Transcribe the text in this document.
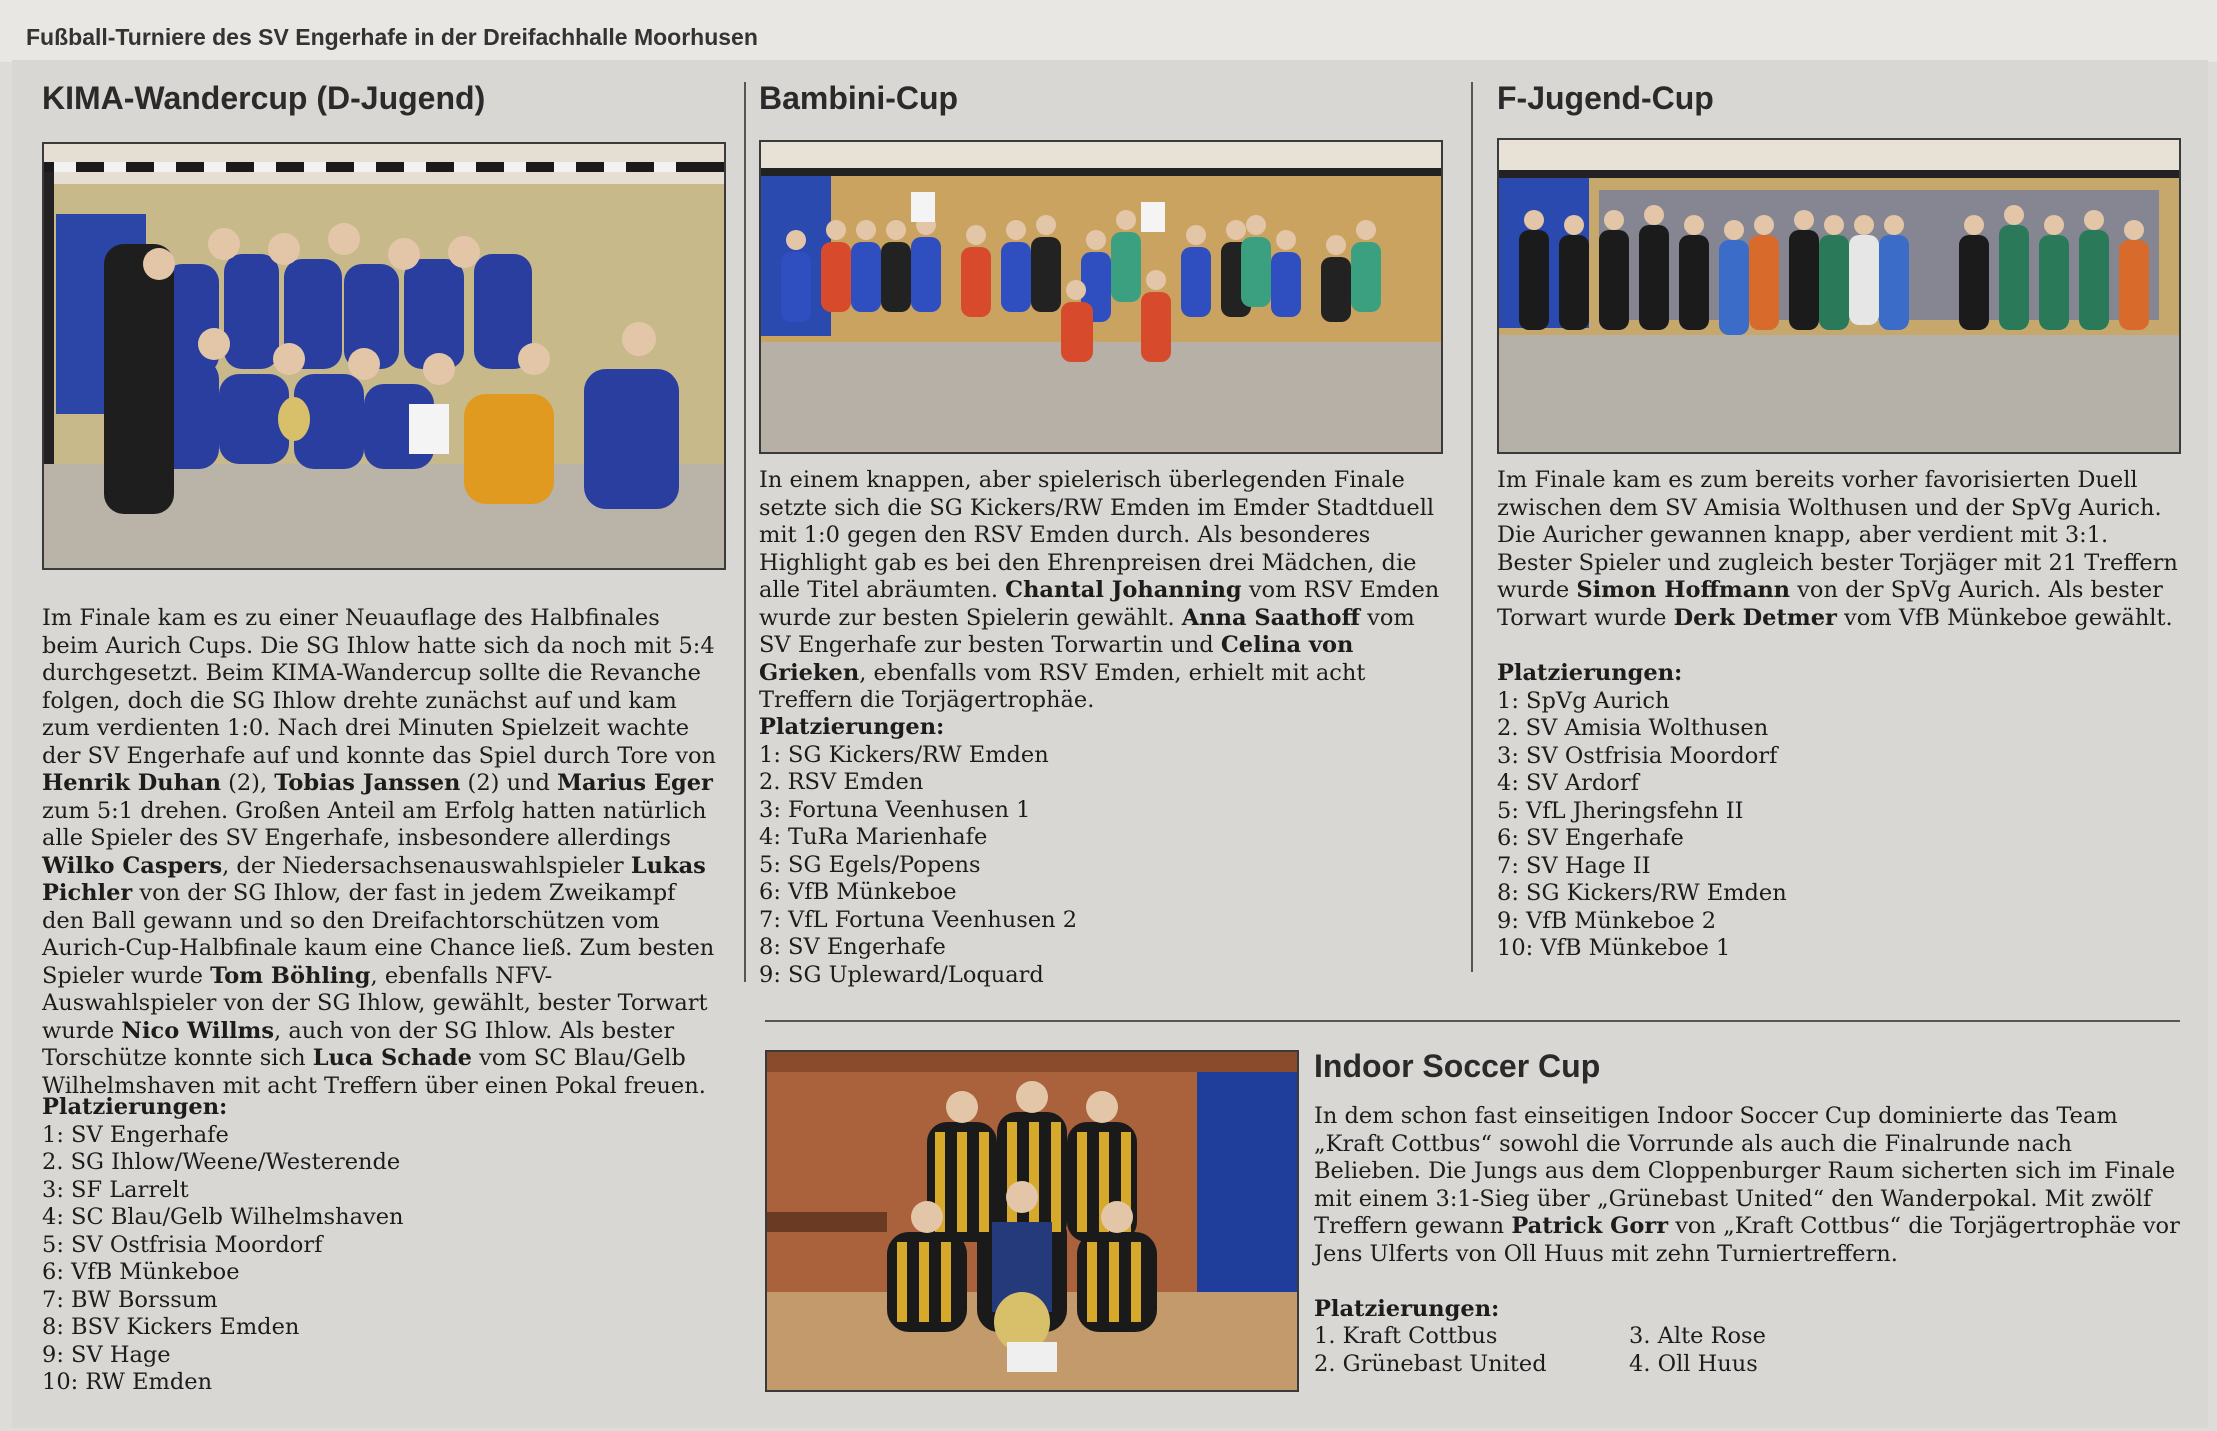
Fußball-Turniere des SV Engerhafe in der Dreifachhalle Moorhusen
KIMA-Wandercup (D-Jugend)

Im Finale kam es zu einer Neuauflage des Halbfinales beim Aurich Cups. Die SG Ihlow hatte sich da noch mit 5:4 durchgesetzt. Beim KIMA-Wandercup sollte die Revanche folgen, doch die SG Ihlow drehte zunächst auf und kam zum verdienten 1:0. Nach drei Minuten Spielzeit wachte der SV Engerhafe auf und konnte das Spiel durch Tore von Henrik Duhan (2), Tobias Janssen (2) und Marius Eger zum 5:1 drehen. Großen Anteil am Erfolg hatten natürlich alle Spieler des SV Engerhafe, insbesondere allerdings Wilko Caspers, der Niedersachsenauswahlspieler Lukas Pichler von der SG Ihlow, der fast in jedem Zweikampf den Ball gewann und so den Dreifachtorschützen vom Aurich-Cup-Halbfinale kaum eine Chance ließ. Zum besten Spieler wurde Tom Böhling, ebenfalls NFV-Auswahlspieler von der SG Ihlow, gewählt, bester Torwart wurde Nico Willms, auch von der SG Ihlow. Als bester Torschütze konnte sich Luca Schade vom SC Blau/Gelb Wilhelmshaven mit acht Treffern über einen Pokal freuen.

Platzierungen:

1: SV Engerhafe
2. SG Ihlow/Weene/Westerende
3: SF Larrelt
4: SC Blau/Gelb Wilhelmshaven
5: SV Ostfrisia Moordorf
6: VfB Münkeboe
7: BW Borssum
8: BSV Kickers Emden
9: SV Hage
10: RW Emden
Bambini-Cup

In einem knappen, aber spielerisch überlegenden Finale setzte sich die SG Kickers/RW Emden im Emder Stadtduell mit 1:0 gegen den RSV Emden durch. Als besonderes Highlight gab es bei den Ehrenpreisen drei Mädchen, die alle Titel abräumten. Chantal Johanning vom RSV Emden wurde zur besten Spielerin gewählt. Anna Saathoff vom SV Engerhafe zur besten Torwartin und Celina von Grieken, ebenfalls vom RSV Emden, erhielt mit acht Treffern die Torjägertrophäe.

Platzierungen:

1: SG Kickers/RW Emden
2. RSV Emden
3: Fortuna Veenhusen 1
4: TuRa Marienhafe
5: SG Egels/Popens
6: VfB Münkeboe
7: VfL Fortuna Veenhusen 2
8: SV Engerhafe
9: SG Upleward/Loquard
F-Jugend-Cup

Im Finale kam es zum bereits vorher favorisierten Duell zwischen dem SV Amisia Wolthusen und der SpVg Aurich. Die Auricher gewannen knapp, aber verdient mit 3:1. Bester Spieler und zugleich bester Torjäger mit 21 Treffern wurde Simon Hoffmann von der SpVg Aurich. Als bester Torwart wurde Derk Detmer vom VfB Münkeboe gewählt.

Platzierungen:

1: SpVg Aurich
2. SV Amisia Wolthusen
3: SV Ostfrisia Moordorf
4: SV Ardorf
5: VfL Jheringsfehn II
6: SV Engerhafe
7: SV Hage II
8: SG Kickers/RW Emden
9: VfB Münkeboe 2
10: VfB Münkeboe 1
Indoor Soccer Cup

In dem schon fast einseitigen Indoor Soccer Cup dominierte das Team „Kraft Cottbus“ sowohl die Vorrunde als auch die Finalrunde nach Belieben. Die Jungs aus dem Cloppenburger Raum sicherten sich im Finale mit einem 3:1-Sieg über „Grünebast United“ den Wanderpokal. Mit zwölf Treffern gewann Patrick Gorr von „Kraft Cottbus“ die Torjägertrophäe vor Jens Ulferts von Oll Huus mit zehn Turniertreffern.

Platzierungen:

1. Kraft Cottbus
2. Grünebast United
3. Alte Rose
4. Oll Huus
